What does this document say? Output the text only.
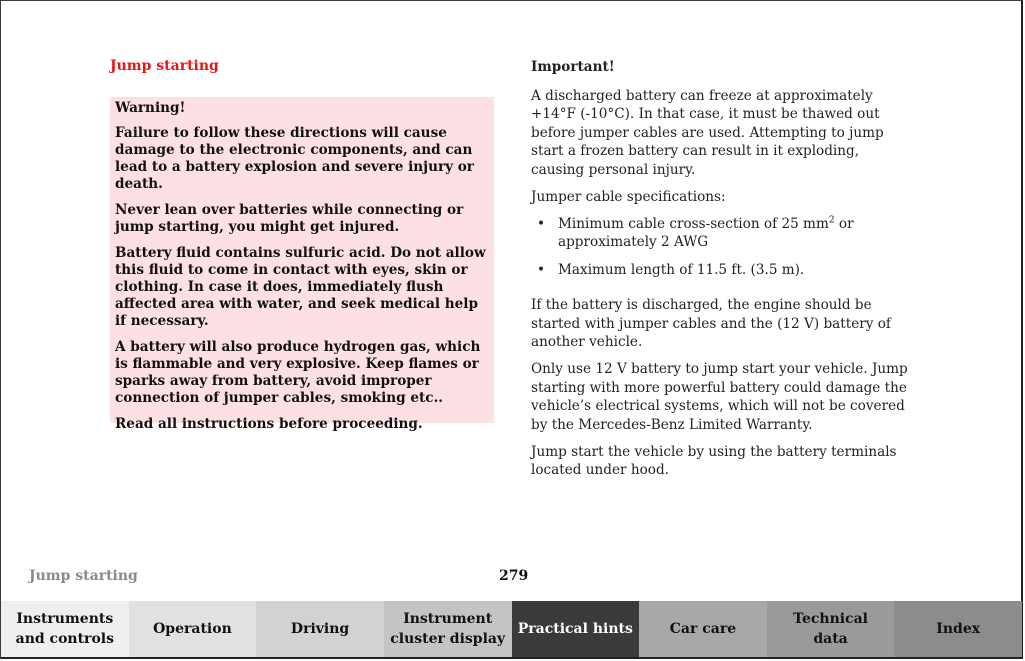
Jump starting

Warning!

Failure to follow these directions will cause damage to the electronic components, and can lead to a battery explosion and severe injury or death.

Never lean over batteries while connecting or jump starting, you might get injured.

Battery fluid contains sulfuric acid. Do not allow this fluid to come in contact with eyes, skin or clothing. In case it does, immediately flush affected area with water, and seek medical help if necessary.

A battery will also produce hydrogen gas, which is flammable and very explosive. Keep flames or sparks away from battery, avoid improper connection of jumper cables, smoking etc..

Read all instructions before proceeding.

Important!

A discharged battery can freeze at approximately +14°F (-10°C). In that case, it must be thawed out before jumper cables are used. Attempting to jump start a frozen battery can result in it exploding, causing personal injury.

Jumper cable specifications:

• Minimum cable cross-section of 25 $mm^2$ or approximately 2 AWG
• Maximum length of 11.5 ft. (3.5 m).

If the battery is discharged, the engine should be started with jumper cables and the (12 V) battery of another vehicle.

Only use 12 V battery to jump start your vehicle. Jump starting with more powerful battery could damage the vehicle’s electrical systems, which will not be covered by the Mercedes-Benz Limited Warranty.

Jump start the vehicle by using the battery terminals located under hood.

Jump starting	279
Instruments
and controls
Operation	Driving
Instrument
cluster display
Practical hints	Car care
Technical
data
Index
